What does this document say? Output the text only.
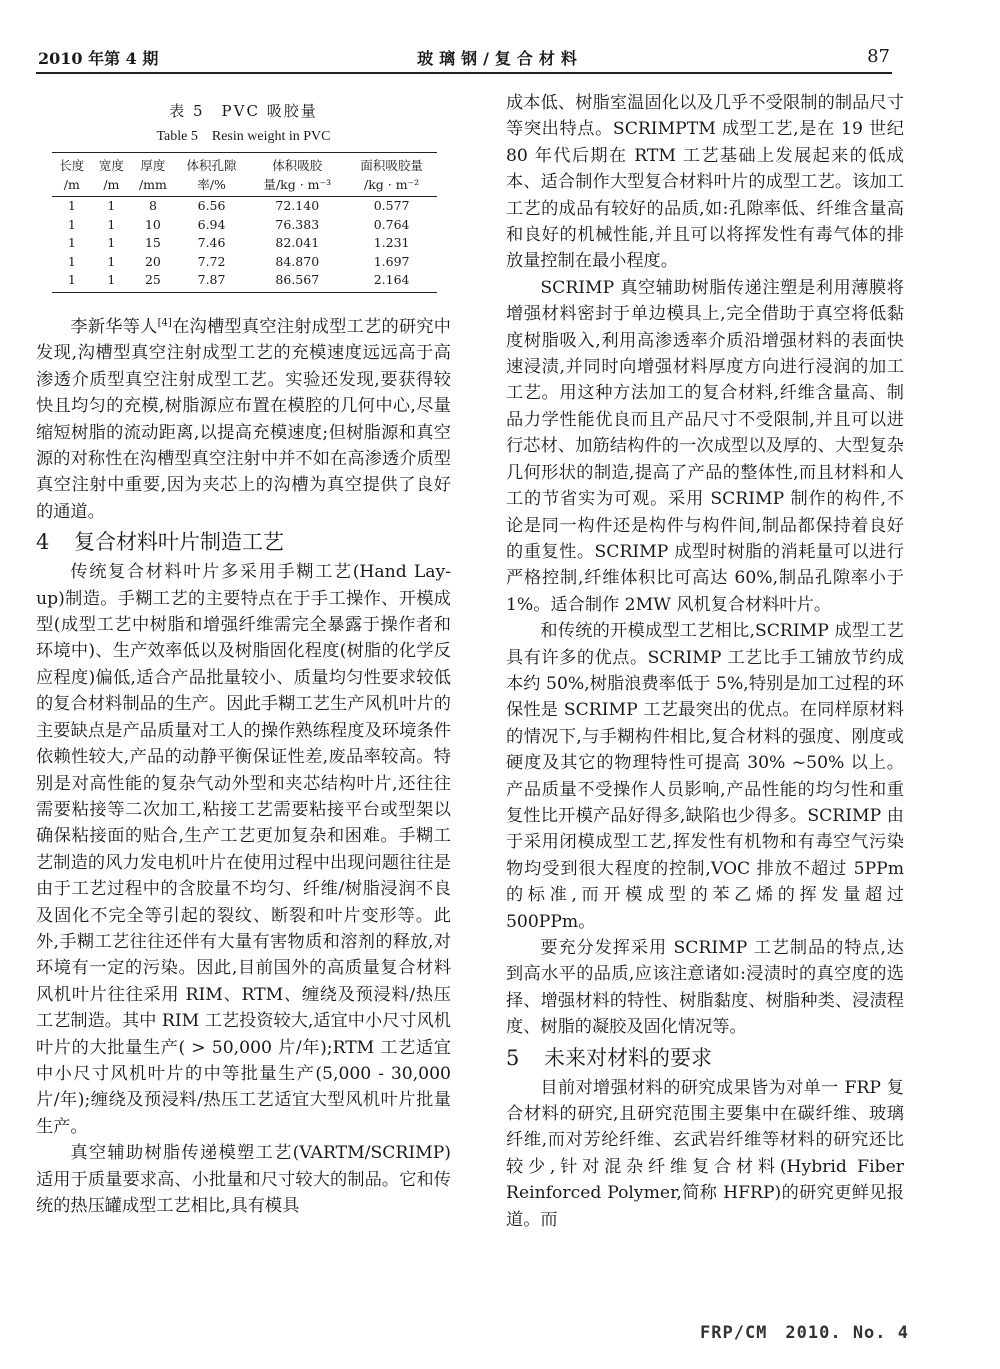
2010 年第 4 期	玻璃钢/复合材料	87
表 5　PVC 吸胶量
Table 5　Resin weight in PVC
长度	宽度	厚度	体积孔隙	体积吸胶	面积吸胶量
/m	/m	/mm	率/%	量/kg · m⁻³	/kg · m⁻²
1	1	8	6.56	72.140	0.577
1	1	10	6.94	76.383	0.764
1	1	15	7.46	82.041	1.231
1	1	20	7.72	84.870	1.697
1	1	25	7.87	86.567	2.164

李新华等人[4]在沟槽型真空注射成型工艺的研究中发现,沟槽型真空注射成型工艺的充模速度远远高于高渗透介质型真空注射成型工艺。实验还发现,要获得较快且均匀的充模,树脂源应布置在模腔的几何中心,尽量缩短树脂的流动距离,以提高充模速度;但树脂源和真空源的对称性在沟槽型真空注射中并不如在高渗透介质型真空注射中重要,因为夹芯上的沟槽为真空提供了良好的通道。

4 复合材料叶片制造工艺

传统复合材料叶片多采用手糊工艺(Hand Lay-up)制造。手糊工艺的主要特点在于手工操作、开模成型(成型工艺中树脂和增强纤维需完全暴露于操作者和环境中)、生产效率低以及树脂固化程度(树脂的化学反应程度)偏低,适合产品批量较小、质量均匀性要求较低的复合材料制品的生产。因此手糊工艺生产风机叶片的主要缺点是产品质量对工人的操作熟练程度及环境条件依赖性较大,产品的动静平衡保证性差,废品率较高。特别是对高性能的复杂气动外型和夹芯结构叶片,还往往需要粘接等二次加工,粘接工艺需要粘接平台或型架以确保粘接面的贴合,生产工艺更加复杂和困难。手糊工艺制造的风力发电机叶片在使用过程中出现问题往往是由于工艺过程中的含胶量不均匀、纤维/树脂浸润不良及固化不完全等引起的裂纹、断裂和叶片变形等。此外,手糊工艺往往还伴有大量有害物质和溶剂的释放,对环境有一定的污染。因此,目前国外的高质量复合材料风机叶片往往采用 RIM、RTM、缠绕及预浸料/热压工艺制造。其中 RIM 工艺投资较大,适宜中小尺寸风机叶片的大批量生产( > 50,000 片/年);RTM 工艺适宜中小尺寸风机叶片的中等批量生产(5,000 - 30,000 片/年);缠绕及预浸料/热压工艺适宜大型风机叶片批量生产。

真空辅助树脂传递模塑工艺(VARTM/SCRIMP)适用于质量要求高、小批量和尺寸较大的制品。它和传统的热压罐成型工艺相比,具有模具

成本低、树脂室温固化以及几乎不受限制的制品尺寸等突出特点。SCRIMPTM 成型工艺,是在 19 世纪 80 年代后期在 RTM 工艺基础上发展起来的低成本、适合制作大型复合材料叶片的成型工艺。该加工工艺的成品有较好的品质,如:孔隙率低、纤维含量高和良好的机械性能,并且可以将挥发性有毒气体的排放量控制在最小程度。

SCRIMP 真空辅助树脂传递注塑是利用薄膜将增强材料密封于单边模具上,完全借助于真空将低黏度树脂吸入,利用高渗透率介质沿增强材料的表面快速浸渍,并同时向增强材料厚度方向进行浸润的加工工艺。用这种方法加工的复合材料,纤维含量高、制品力学性能优良而且产品尺寸不受限制,并且可以进行芯材、加筋结构件的一次成型以及厚的、大型复杂几何形状的制造,提高了产品的整体性,而且材料和人工的节省实为可观。采用 SCRIMP 制作的构件,不论是同一构件还是构件与构件间,制品都保持着良好的重复性。SCRIMP 成型时树脂的消耗量可以进行严格控制,纤维体积比可高达 60%,制品孔隙率小于 1%。适合制作 2MW 风机复合材料叶片。

和传统的开模成型工艺相比,SCRIMP 成型工艺具有许多的优点。SCRIMP 工艺比手工铺放节约成本约 50%,树脂浪费率低于 5%,特别是加工过程的环保性是 SCRIMP 工艺最突出的优点。在同样原材料的情况下,与手糊构件相比,复合材料的强度、刚度或硬度及其它的物理特性可提高 30% ~50% 以上。产品质量不受操作人员影响,产品性能的均匀性和重复性比开模产品好得多,缺陷也少得多。SCRIMP 由于采用闭模成型工艺,挥发性有机物和有毒空气污染物均受到很大程度的控制,VOC 排放不超过 5PPm 的标准,而开模成型的苯乙烯的挥发量超过 500PPm。

要充分发挥采用 SCRIMP 工艺制品的特点,达到高水平的品质,应该注意诸如:浸渍时的真空度的选择、增强材料的特性、树脂黏度、树脂种类、浸渍程度、树脂的凝胶及固化情况等。

5 未来对材料的要求

目前对增强材料的研究成果皆为对单一 FRP 复合材料的研究,且研究范围主要集中在碳纤维、玻璃纤维,而对芳纶纤维、玄武岩纤维等材料的研究还比较少,针对混杂纤维复合材料(Hybrid Fiber Reinforced Polymer,简称 HFRP)的研究更鲜见报道。而

FRP/CM　2010. No. 4
